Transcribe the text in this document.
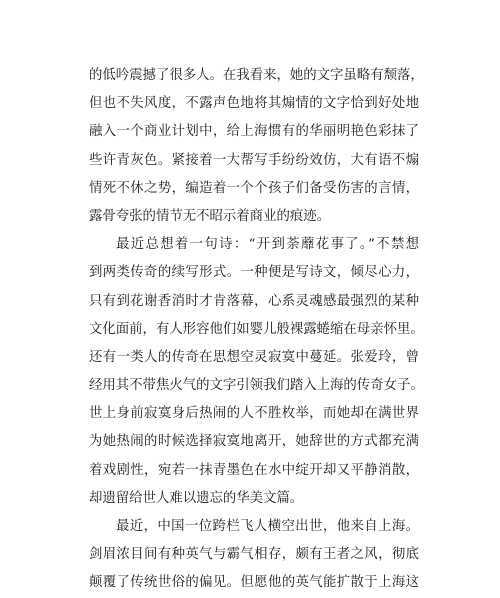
的低吟震撼了很多人。在我看来，她的文字虽略有颓落，
但也不失风度，不露声色地将其煽情的文字恰到好处地
融入一个商业计划中，给上海惯有的华丽明艳色彩抹了
些许青灰色。紧接着一大帮写手纷纷效仿，大有语不煽
情死不休之势，编造着一个个孩子们备受伤害的言情，
露骨夸张的情节无不昭示着商业的痕迹。
最近总想着一句诗：“开到荼蘼花事了。”不禁想
到两类传奇的续写形式。一种便是写诗文，倾尽心力，
只有到花谢香消时才肯落幕，心系灵魂感最强烈的某种
文化面前，有人形容他们如婴儿般裸露蜷缩在母亲怀里。
还有一类人的传奇在思想空灵寂寞中蔓延。张爱玲，曾
经用其不带焦火气的文字引领我们踏入上海的传奇女子。
世上身前寂寞身后热闹的人不胜枚举，而她却在满世界
为她热闹的时候选择寂寞地离开，她辞世的方式都充满
着戏剧性，宛若一抹青墨色在水中绽开却又平静消散，
却遗留给世人难以遗忘的华美文篇。
最近，中国一位跨栏飞人横空出世，他来自上海。
剑眉浓目间有种英气与霸气相存，颇有王者之风，彻底
颠覆了传统世俗的偏见。但愿他的英气能扩散于上海这
